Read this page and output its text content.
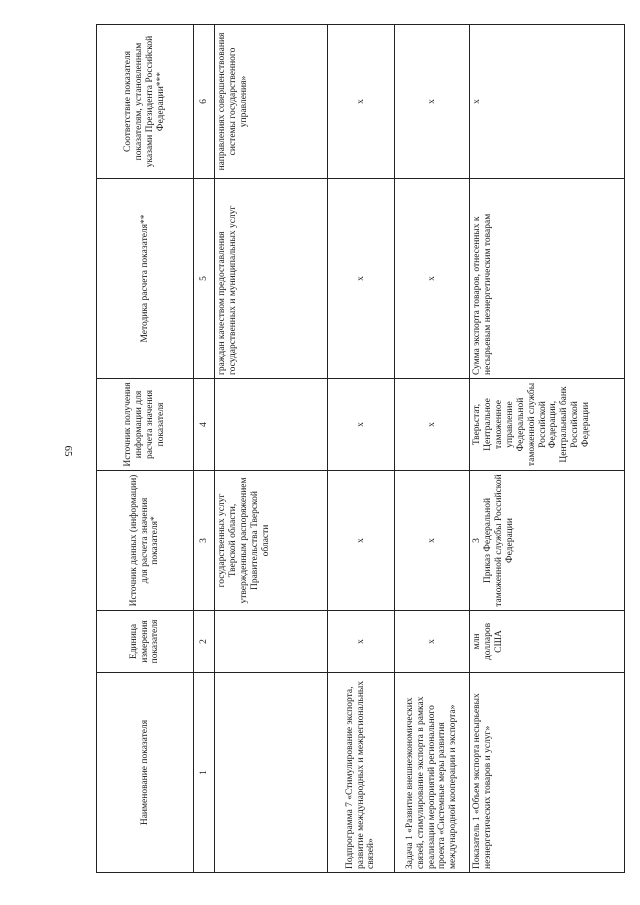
65
Наименование показателя	Единица измерения показателя	Источник данных (информации) для расчета значения показателя*	Источник получения информации для расчета значения показателя	Методика расчета показателя**	Соответствие показателя показателям, установленным указами Президента Российской Федерации***
1	2	3	4	5	6
		государственных услуг Тверской области, утвержденным распоряжением Правительства Тверской области		граждан качеством предоставления государственных и муниципальных услуг	направлениях совершенствования системы государственного управления»
Подпрограмма 7 «Стимулирование экспорта, развитие международных и межрегиональных связей»	x	x	x	x	x
Задача 1 «Развитие внешнеэкономических связей, стимулирование экспорта в рамках реализации мероприятий регионального проекта «Системные меры развития международной кооперации и экспорта»	x	x	x	x	x
Показатель 1 «Объем экспорта несырьевых неэнергетических товаров и услуг»	млн долларов США	3 Приказ Федеральной таможенной службы Российской Федерации	Тверьстат, Центральное таможенное управление Федеральной таможенной службы Российской Федерации, Центральный банк Российской Федерации	Сумма экспорта товаров, отнесенных к несырьевым неэнергетическим товарам	x
